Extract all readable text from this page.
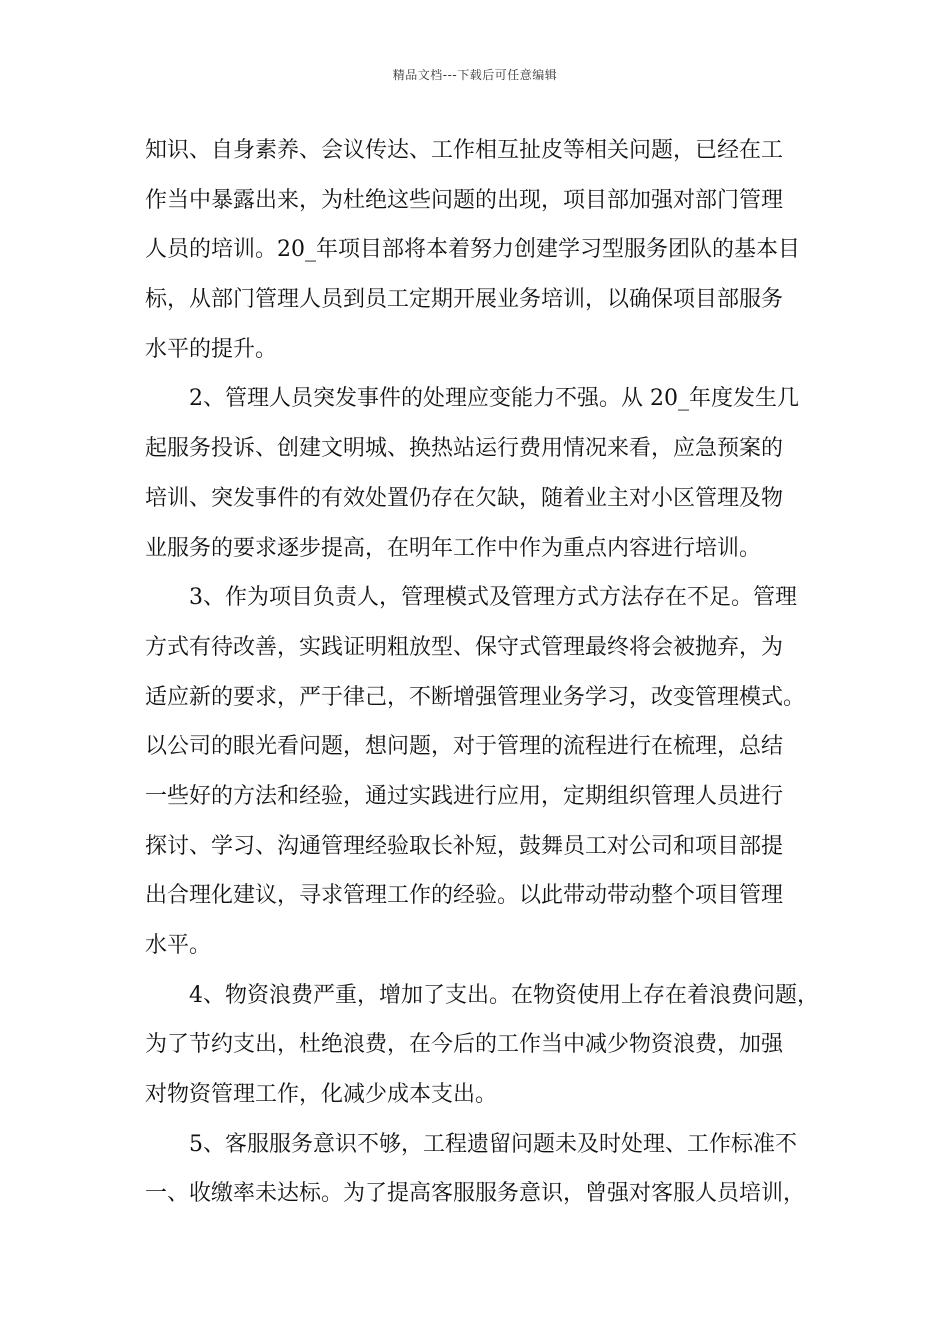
精品文档---下载后可任意编辑
知识、自身素养、会议传达、工作相互扯皮等相关问题，已经在工
作当中暴露出来，为杜绝这些问题的出现，项目部加强对部门管理
人员的培训。20_年项目部将本着努力创建学习型服务团队的基本目
标，从部门管理人员到员工定期开展业务培训，以确保项目部服务
水平的提升。
2、管理人员突发事件的处理应变能力不强。从 20_年度发生几
起服务投诉、创建文明城、换热站运行费用情况来看，应急预案的
培训、突发事件的有效处置仍存在欠缺，随着业主对小区管理及物
业服务的要求逐步提高，在明年工作中作为重点内容进行培训。
3、作为项目负责人，管理模式及管理方式方法存在不足。管理
方式有待改善，实践证明粗放型、保守式管理最终将会被抛弃，为
适应新的要求，严于律己，不断增强管理业务学习，改变管理模式。
以公司的眼光看问题，想问题，对于管理的流程进行在梳理，总结
一些好的方法和经验，通过实践进行应用，定期组织管理人员进行
探讨、学习、沟通管理经验取长补短，鼓舞员工对公司和项目部提
出合理化建议，寻求管理工作的经验。以此带动带动整个项目管理
水平。
4、物资浪费严重，增加了支出。在物资使用上存在着浪费问题，
为了节约支出，杜绝浪费，在今后的工作当中减少物资浪费，加强
对物资管理工作，化减少成本支出。
5、客服服务意识不够，工程遗留问题未及时处理、工作标准不
一、收缴率未达标。为了提高客服服务意识，曾强对客服人员培训，
